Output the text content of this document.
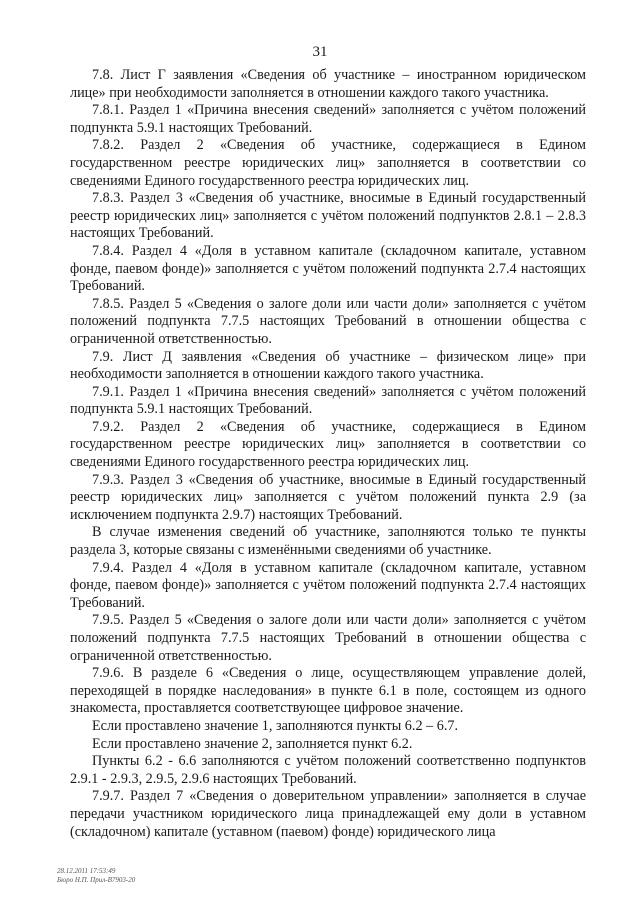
31

7.8. Лист Г заявления «Сведения об участнике – иностранном юридическом лице» при необходимости заполняется в отношении каждого такого участника.

7.8.1. Раздел 1 «Причина внесения сведений» заполняется с учётом положений подпункта 5.9.1 настоящих Требований.

7.8.2. Раздел 2 «Сведения об участнике, содержащиеся в Едином государственном реестре юридических лиц» заполняется в соответствии со сведениями Единого государственного реестра юридических лиц.

7.8.3. Раздел 3 «Сведения об участнике, вносимые в Единый государственный реестр юридических лиц» заполняется с учётом положений подпунктов 2.8.1 – 2.8.3 настоящих Требований.

7.8.4. Раздел 4 «Доля в уставном капитале (складочном капитале, уставном фонде, паевом фонде)» заполняется с учётом положений подпункта 2.7.4 настоящих Требований.

7.8.5. Раздел 5 «Сведения о залоге доли или части доли» заполняется с учётом положений подпункта 7.7.5 настоящих Требований в отношении общества с ограниченной ответственностью.

7.9. Лист Д заявления «Сведения об участнике – физическом лице» при необходимости заполняется в отношении каждого такого участника.

7.9.1. Раздел 1 «Причина внесения сведений» заполняется с учётом положений подпункта 5.9.1 настоящих Требований.

7.9.2. Раздел 2 «Сведения об участнике, содержащиеся в Едином государственном реестре юридических лиц» заполняется в соответствии со сведениями Единого государственного реестра юридических лиц.

7.9.3. Раздел 3 «Сведения об участнике, вносимые в Единый государственный реестр юридических лиц» заполняется с учётом положений пункта 2.9 (за исключением подпункта 2.9.7) настоящих Требований.

В случае изменения сведений об участнике, заполняются только те пункты раздела 3, которые связаны с изменёнными сведениями об участнике.

7.9.4. Раздел 4 «Доля в уставном капитале (складочном капитале, уставном фонде, паевом фонде)» заполняется с учётом положений подпункта 2.7.4 настоящих Требований.

7.9.5. Раздел 5 «Сведения о залоге доли или части доли» заполняется с учётом положений подпункта 7.7.5 настоящих Требований в отношении общества с ограниченной ответственностью.

7.9.6. В разделе 6 «Сведения о лице, осуществляющем управление долей, переходящей в порядке наследования» в пункте 6.1 в поле, состоящем из одного знакоместа, проставляется соответствующее цифровое значение.

Если проставлено значение 1, заполняются пункты 6.2 – 6.7.

Если проставлено значение 2, заполняется пункт 6.2.

Пункты 6.2 - 6.6 заполняются с учётом положений соответственно подпунктов 2.9.1 - 2.9.3, 2.9.5, 2.9.6 настоящих Требований.

7.9.7. Раздел 7 «Сведения о доверительном управлении» заполняется в случае передачи участником юридического лица принадлежащей ему доли в уставном (складочном) капитале (уставном (паевом) фонде) юридического лица

28.12.2011 17:53:49
Бюро Н.П. Прил-В7903-20
